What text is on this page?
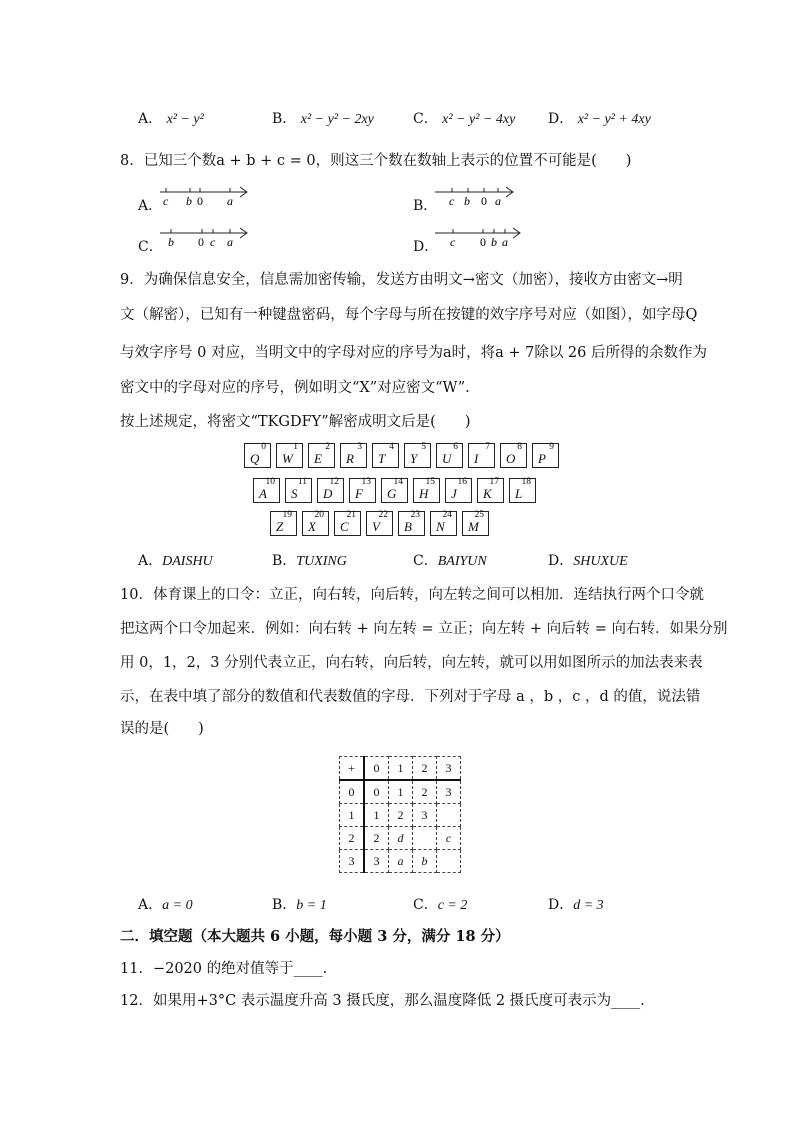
A． x² − y²	B． x² − y² − 2xy	C． x² − y² − 4xy D． x² − y² + 4xy
8．已知三个数a + b + c = 0，则这三个数在数轴上表示的位置不可能是(　　)
A． c b 0 a	B． c b 0 a
C． b 0 c a	D． c 0 b a
9．为确保信息安全，信息需加密传输，发送方由明文→密文（加密），接收方由密文→明
文（解密），已知有一种键盘密码，每个字母与所在按键的效字序号对应（如图），如字母Q
与效字序号 0 对应，当明文中的字母对应的序号为a时，将a + 7除以 26 后所得的余数作为
密文中的字母对应的序号，例如明文“X”对应密文“W”.
按上述规定，将密文“TKGDFY”解密成明文后是(　　)
0
Q
1
W
2
E
3
R
4
T
5
Y
6
U
7
I
8
O
9
P
10
A
11
S
12
D
13
F
14
G
15
H
16
J
17
K
18
L
19
Z
20
X
21
C
22
V
23
B
24
N
25
M
A．DAISHU	B．TUXING	C．BAIYUN	D．SHUXUE
10．体育课上的口令：立正，向右转，向后转，向左转之间可以相加．连结执行两个口令就
把这两个口令加起来．例如：向右转 + 向左转 = 立正；向左转 + 向后转 = 向右转．如果分别
用 0，1，2，3 分别代表立正，向右转，向后转，向左转，就可以用如图所示的加法表来表
示，在表中填了部分的数值和代表数值的字母．下列对于字母 a ，b ，c ，d 的值，说法错
误的是(　　)
+	0	1	2	3
0	0	1	2	3
1	1	2	3	
2	2	d		c
3	3	a	b	
A．a = 0	B．b = 1	C．c = 2	D．d = 3
二．填空题（本大题共 6 小题，每小题 3 分，满分 18 分）
11．−2020 的绝对值等于____.
12．如果用+3°C 表示温度升高 3 摄氏度，那么温度降低 2 摄氏度可表示为____.
